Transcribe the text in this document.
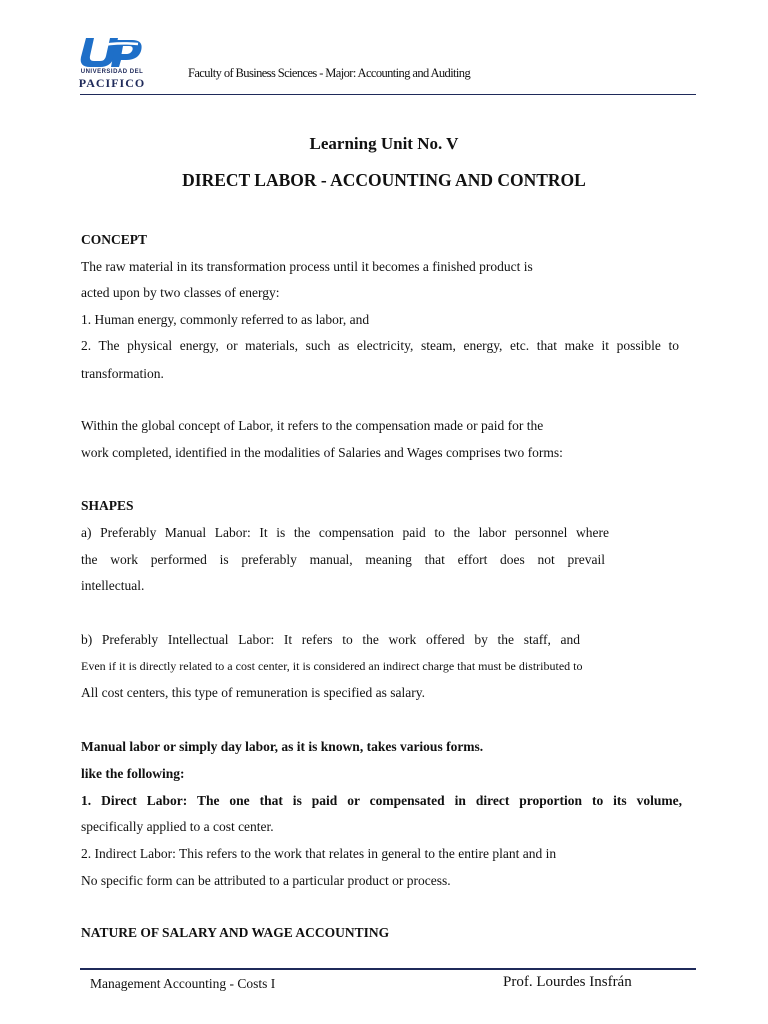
UNIVERSIDAD DEL
PACIFICO
Faculty of Business Sciences - Major: Accounting and Auditing
Learning Unit No. V
DIRECT LABOR - ACCOUNTING AND CONTROL
CONCEPT
The raw material in its transformation process until it becomes a finished product is
acted upon by two classes of energy:
1. Human energy, commonly referred to as labor, and
2. The physical energy, or materials, such as electricity, steam, energy, etc. that make it possible to
transformation.
Within the global concept of Labor, it refers to the compensation made or paid for the
work completed, identified in the modalities of Salaries and Wages comprises two forms:
SHAPES
a) Preferably Manual Labor: It is the compensation paid to the labor personnel where
the work performed is preferably manual, meaning that effort does not prevail
intellectual.
b) Preferably Intellectual Labor: It refers to the work offered by the staff, and
Even if it is directly related to a cost center, it is considered an indirect charge that must be distributed to
All cost centers, this type of remuneration is specified as salary.
Manual labor or simply day labor, as it is known, takes various forms.
like the following:
1. Direct Labor: The one that is paid or compensated in direct proportion to its volume,
specifically applied to a cost center.
2. Indirect Labor: This refers to the work that relates in general to the entire plant and in
No specific form can be attributed to a particular product or process.
NATURE OF SALARY AND WAGE ACCOUNTING
Management Accounting - Costs I	Prof. Lourdes Insfrán
